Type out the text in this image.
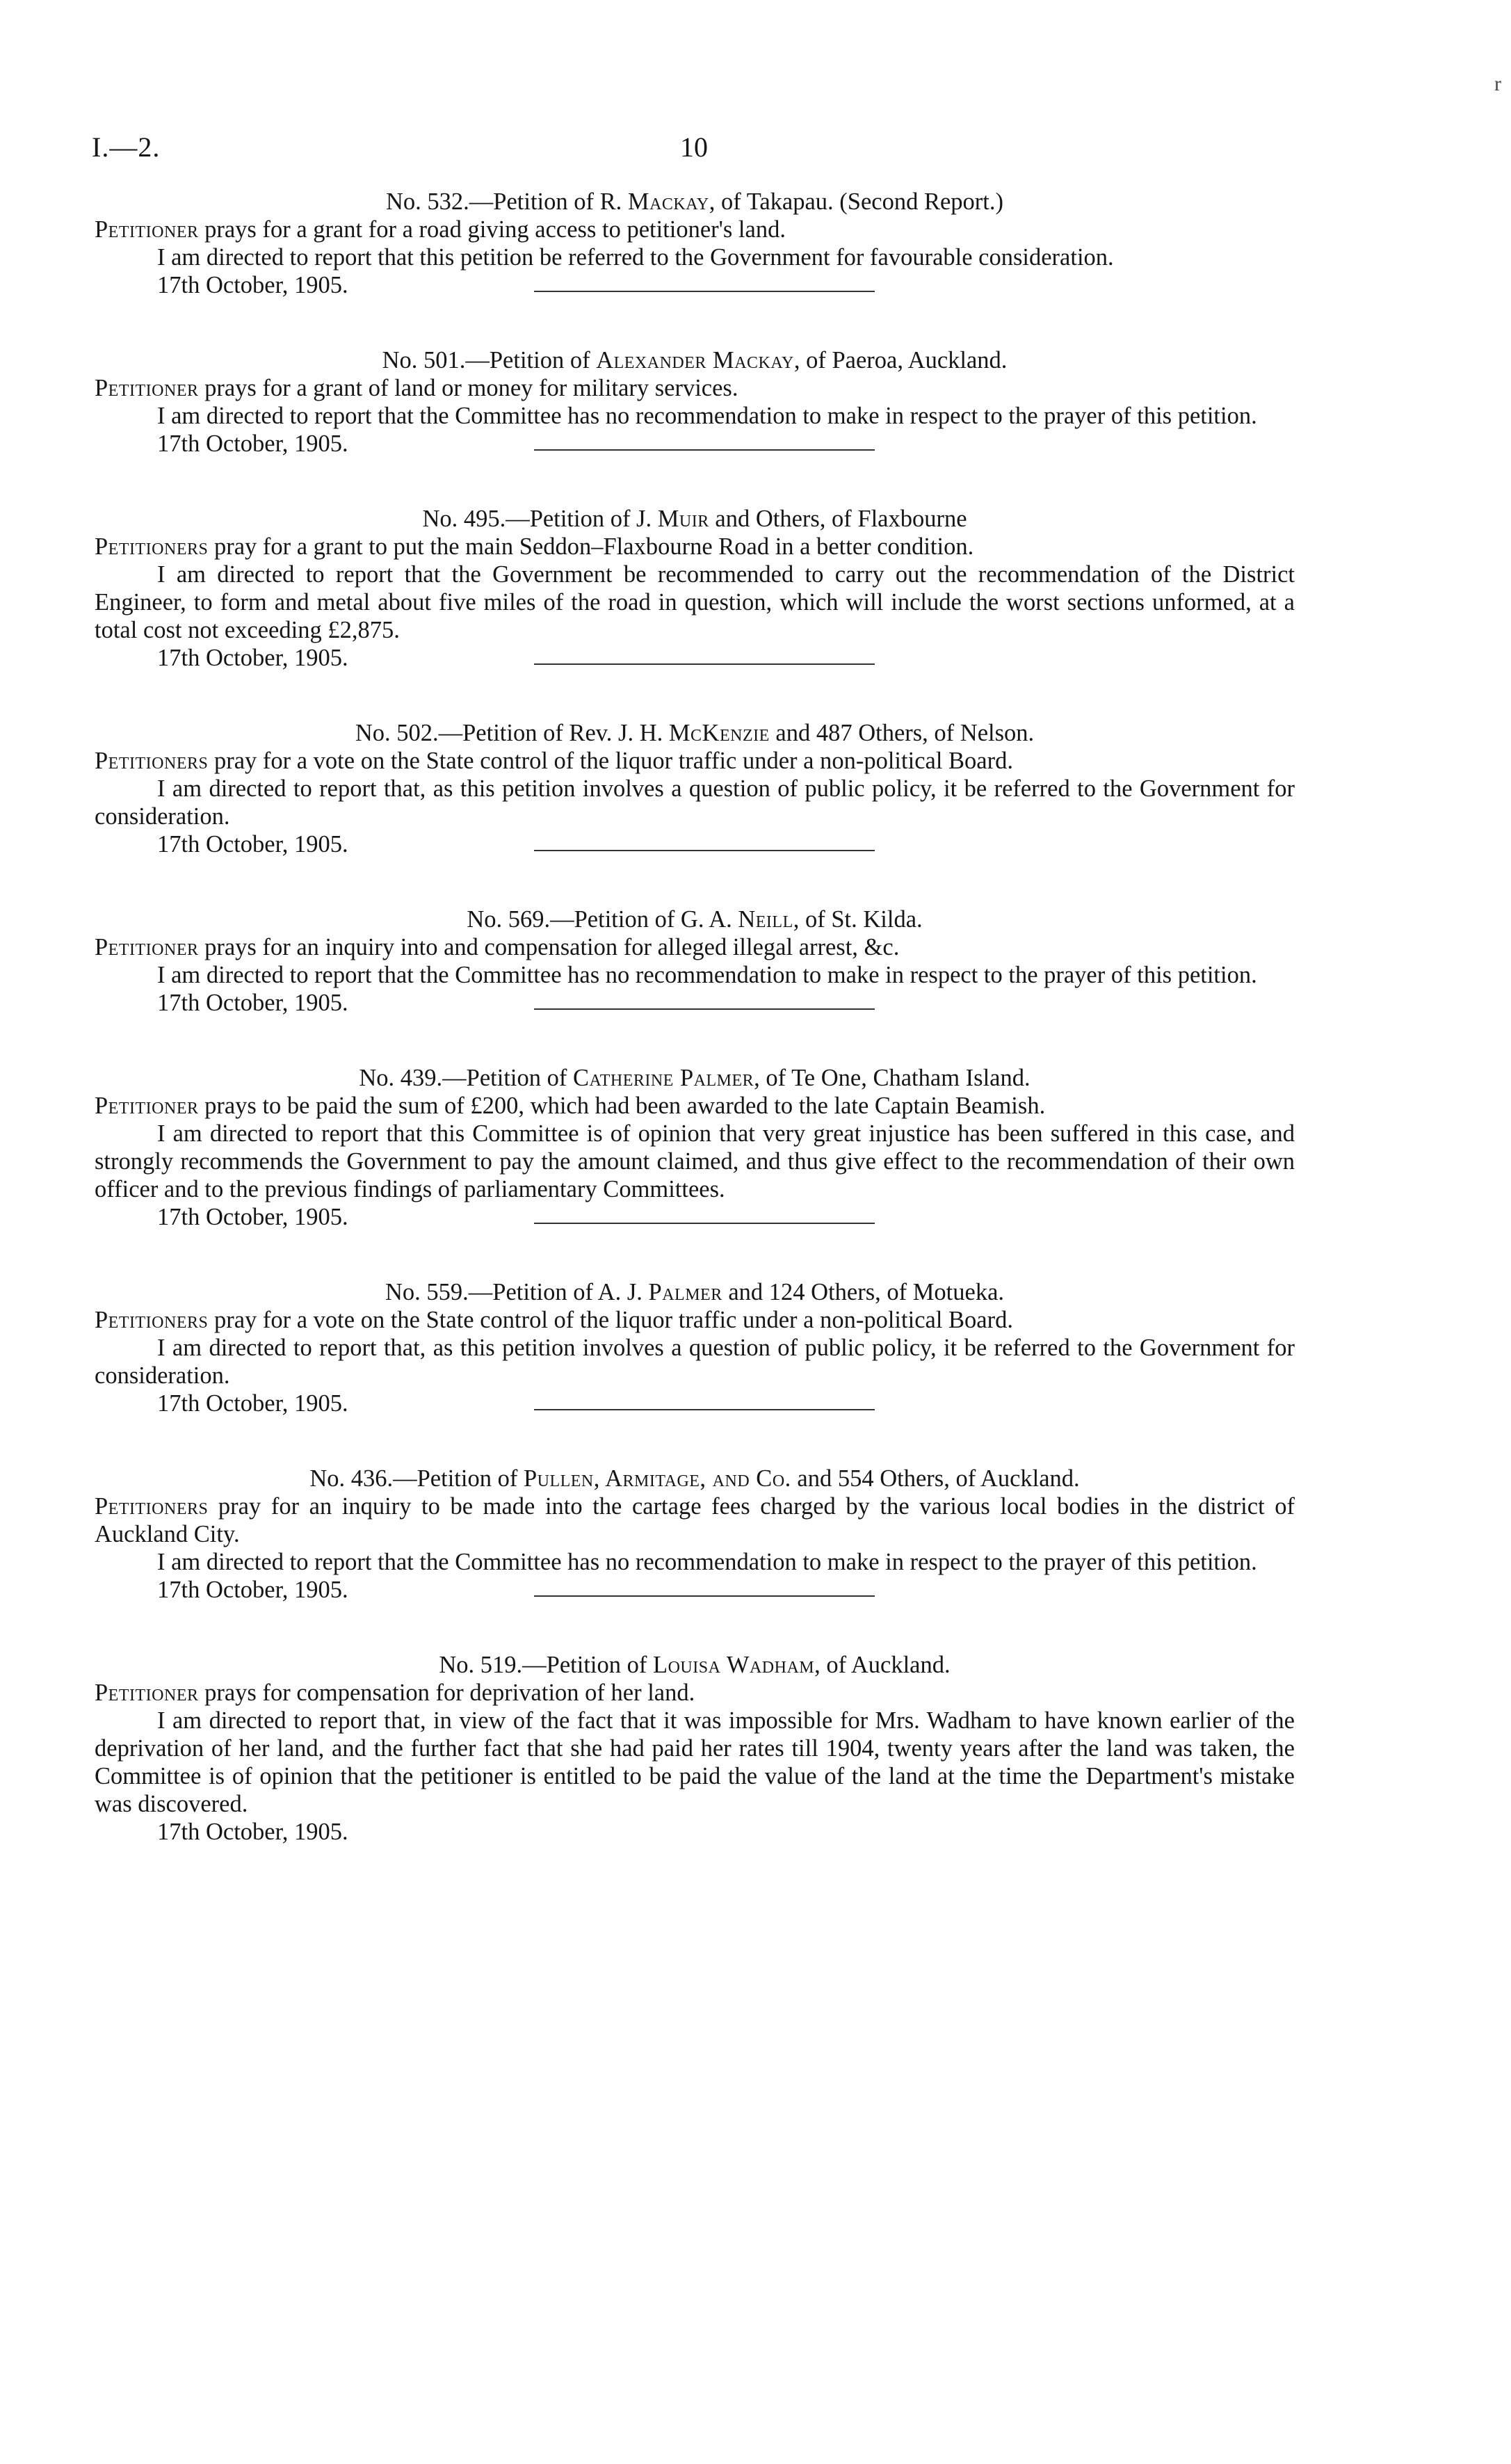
I.—2.	10
r

No. 532.—Petition of R. Mackay, of Takapau. (Second Report.)

Petitioner prays for a grant for a road giving access to petitioner's land.

I am directed to report that this petition be referred to the Government for favourable consideration.

17th October, 1905.

No. 501.—Petition of Alexander Mackay, of Paeroa, Auckland.

Petitioner prays for a grant of land or money for military services.

I am directed to report that the Committee has no recommendation to make in respect to the prayer of this petition.

17th October, 1905.

No. 495.—Petition of J. Muir and Others, of Flaxbourne

Petitioners pray for a grant to put the main Seddon–Flaxbourne Road in a better condition.

I am directed to report that the Government be recommended to carry out the recommendation of the District Engineer, to form and metal about five miles of the road in question, which will include the worst sections unformed, at a total cost not exceeding £2,875.

17th October, 1905.

No. 502.—Petition of Rev. J. H. McKenzie and 487 Others, of Nelson.

Petitioners pray for a vote on the State control of the liquor traffic under a non-political Board.

I am directed to report that, as this petition involves a question of public policy, it be referred to the Government for consideration.

17th October, 1905.

No. 569.—Petition of G. A. Neill, of St. Kilda.

Petitioner prays for an inquiry into and compensation for alleged illegal arrest, &c.

I am directed to report that the Committee has no recommendation to make in respect to the prayer of this petition.

17th October, 1905.

No. 439.—Petition of Catherine Palmer, of Te One, Chatham Island.

Petitioner prays to be paid the sum of £200, which had been awarded to the late Captain Beamish.

I am directed to report that this Committee is of opinion that very great injustice has been suffered in this case, and strongly recommends the Government to pay the amount claimed, and thus give effect to the recommendation of their own officer and to the previous findings of parliamentary Committees.

17th October, 1905.

No. 559.—Petition of A. J. Palmer and 124 Others, of Motueka.

Petitioners pray for a vote on the State control of the liquor traffic under a non-political Board.

I am directed to report that, as this petition involves a question of public policy, it be referred to the Government for consideration.

17th October, 1905.

No. 436.—Petition of Pullen, Armitage, and Co. and 554 Others, of Auckland.

Petitioners pray for an inquiry to be made into the cartage fees charged by the various local bodies in the district of Auckland City.

I am directed to report that the Committee has no recommendation to make in respect to the prayer of this petition.

17th October, 1905.

No. 519.—Petition of Louisa Wadham, of Auckland.

Petitioner prays for compensation for deprivation of her land.

I am directed to report that, in view of the fact that it was impossible for Mrs. Wadham to have known earlier of the deprivation of her land, and the further fact that she had paid her rates till 1904, twenty years after the land was taken, the Committee is of opinion that the petitioner is entitled to be paid the value of the land at the time the Department's mistake was discovered.

17th October, 1905.
